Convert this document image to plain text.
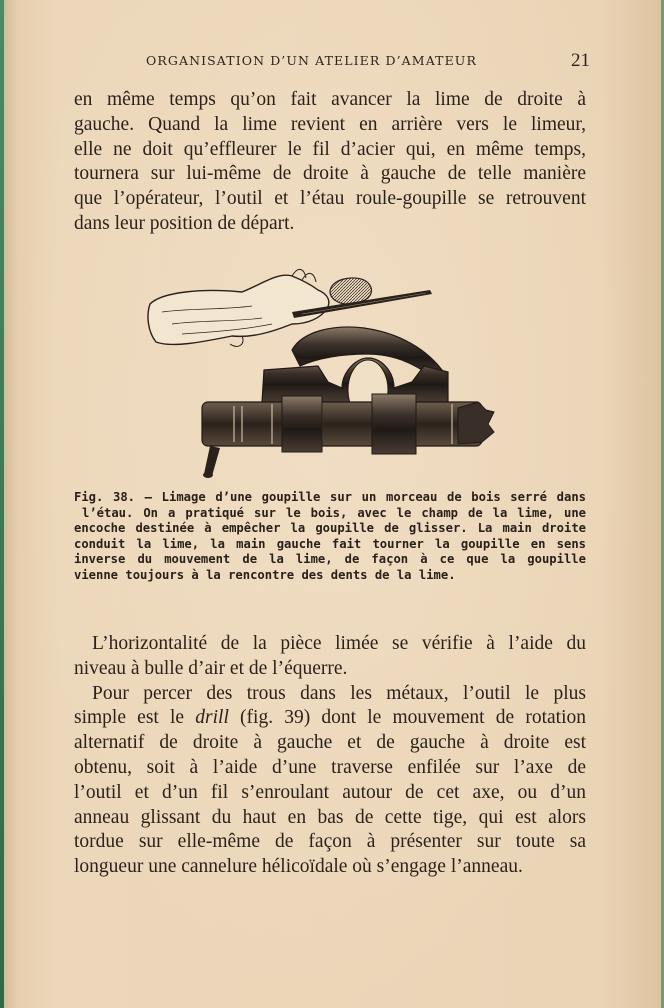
ORGANISATION D’UN ATELIER D’AMATEUR	21
en même temps qu’on fait avancer la lime de droite à
gauche. Quand la lime revient en arrière vers le limeur,
elle ne doit qu’effleurer le fil d’acier qui, en même temps,
tournera sur lui-même de droite à gauche de telle manière
que l’opérateur, l’outil et l’étau roule-goupille se retrouvent
dans leur position de départ.
Fig. 38. — Limage d’une goupille sur un morceau de bois serré dans
l’étau. On a pratiqué sur le bois, avec le champ de la lime, une
encoche destinée à empêcher la goupille de glisser. La main droite
conduit la lime, la main gauche fait tourner la goupille en sens
inverse du mouvement de la lime, de façon à ce que la goupille
vienne toujours à la rencontre des dents de la lime.
L’horizontalité de la pièce limée se vérifie à l’aide du
niveau à bulle d’air et de l’équerre.
Pour percer des trous dans les métaux, l’outil le plus
simple est le drill (fig. 39) dont le mouvement de rotation
alternatif de droite à gauche et de gauche à droite est
obtenu, soit à l’aide d’une traverse enfilée sur l’axe de
l’outil et d’un fil s’enroulant autour de cet axe, ou d’un
anneau glissant du haut en bas de cette tige, qui est alors
tordue sur elle-même de façon à présenter sur toute sa
longueur une cannelure hélicoïdale où s’engage l’anneau.
